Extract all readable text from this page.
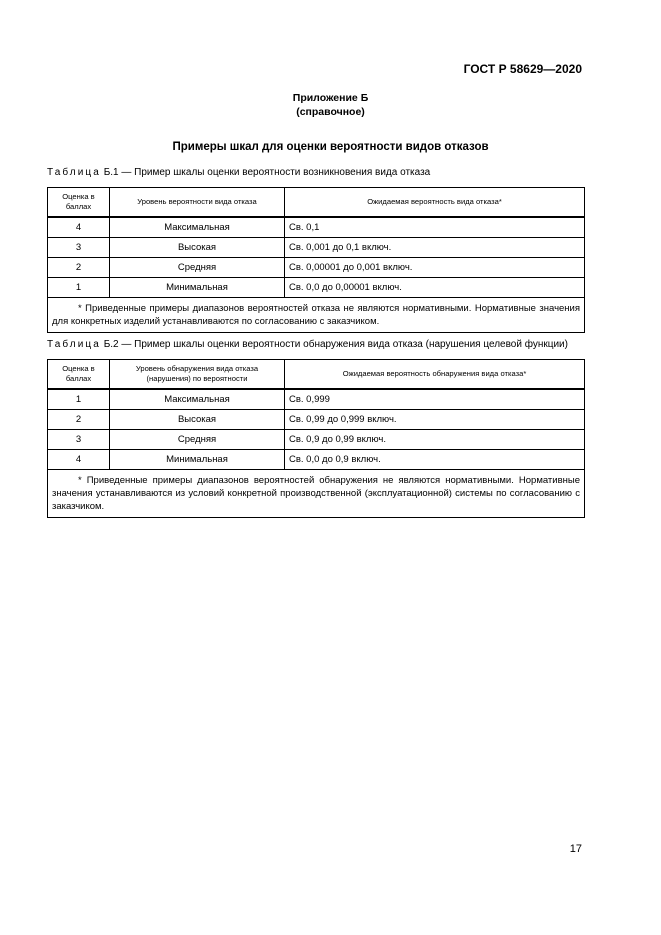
ГОСТ Р 58629—2020
Приложение Б
(справочное)
Примеры шкал для оценки вероятности видов отказов
Таблица Б.1 — Пример шкалы оценки вероятности возникновения вида отказа
Оценка в баллах	Уровень вероятности вида отказа	Ожидаемая вероятность вида отказа*
4	Максимальная	Св. 0,1
3	Высокая	Св. 0,001 до 0,1 включ.
2	Средняя	Св. 0,00001 до 0,001 включ.
1	Минимальная	Св. 0,0 до 0,00001 включ.
* Приведенные примеры диапазонов вероятностей отказа не являются нормативными. Нормативные значения для конкретных изделий устанавливаются по согласованию с заказчиком.		
Таблица Б.2 — Пример шкалы оценки вероятности обнаружения вида отказа (нарушения целевой функции)
Оценка в баллах	Уровень обнаружения вида отказа (нарушения) по вероятности	Ожидаемая вероятность обнаружения вида отказа*
1	Максимальная	Св. 0,999
2	Высокая	Св. 0,99 до 0,999 включ.
3	Средняя	Св. 0,9 до 0,99 включ.
4	Минимальная	Св. 0,0 до 0,9 включ.
* Приведенные примеры диапазонов вероятностей обнаружения не являются нормативными. Нормативные значения устанавливаются из условий конкретной производственной (эксплуатационной) системы по согласованию с заказчиком.		
17
